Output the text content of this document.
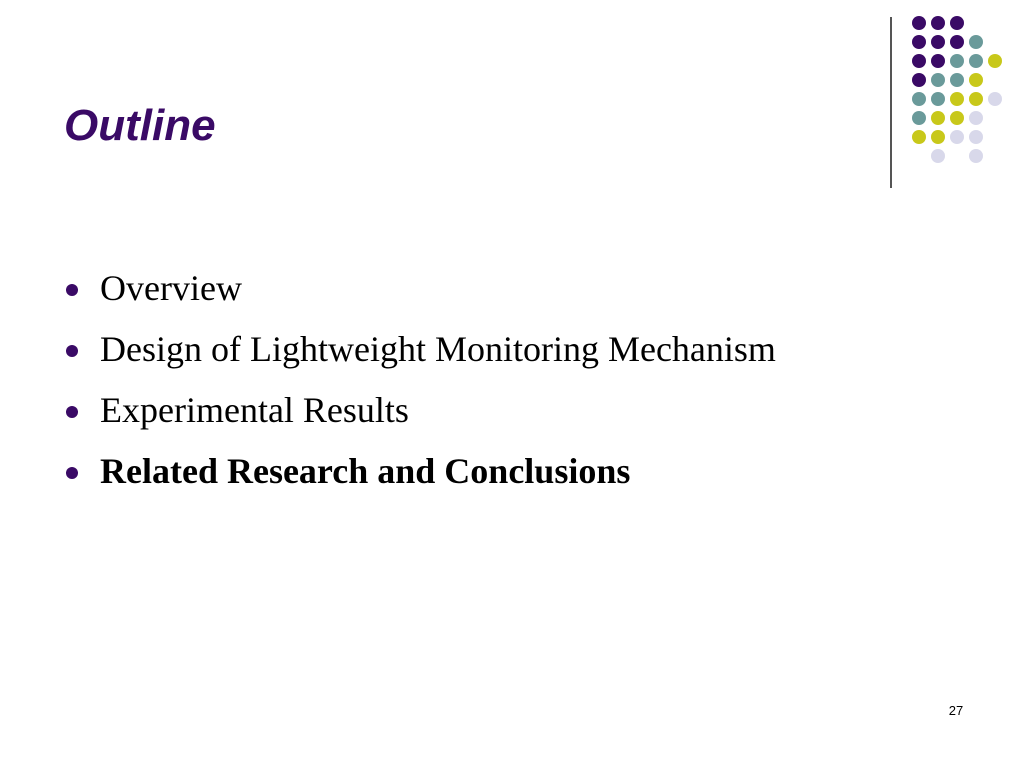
Outline
Overview
Design of Lightweight Monitoring Mechanism
Experimental Results
Related Research and Conclusions
27
